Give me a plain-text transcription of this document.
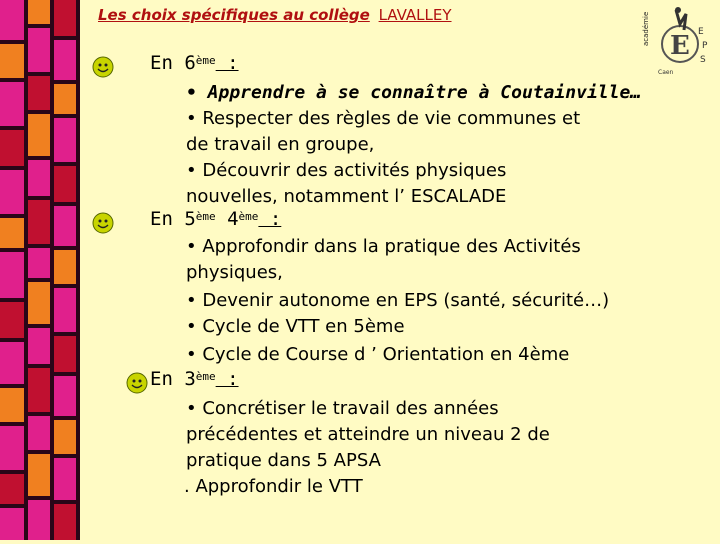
Les choix spécifiques au collège LAVALLEY	académie E E
P
S
Caen
En 6ème :
• Apprendre à se connaître à Coutainville…
• Respecter des règles de vie communes et
de travail en groupe,
• Découvrir des activités physiques
nouvelles, notamment l’ ESCALADE
En 5ème 4ème :
• Approfondir dans la pratique des Activités
physiques,
• Devenir autonome en EPS (santé, sécurité…)
• Cycle de VTT en 5ème
• Cycle de Course d ’ Orientation en 4ème
En 3ème :
• Concrétiser le travail des années
précédentes et atteindre un niveau 2 de
pratique dans 5 APSA
. Approfondir le VTT
